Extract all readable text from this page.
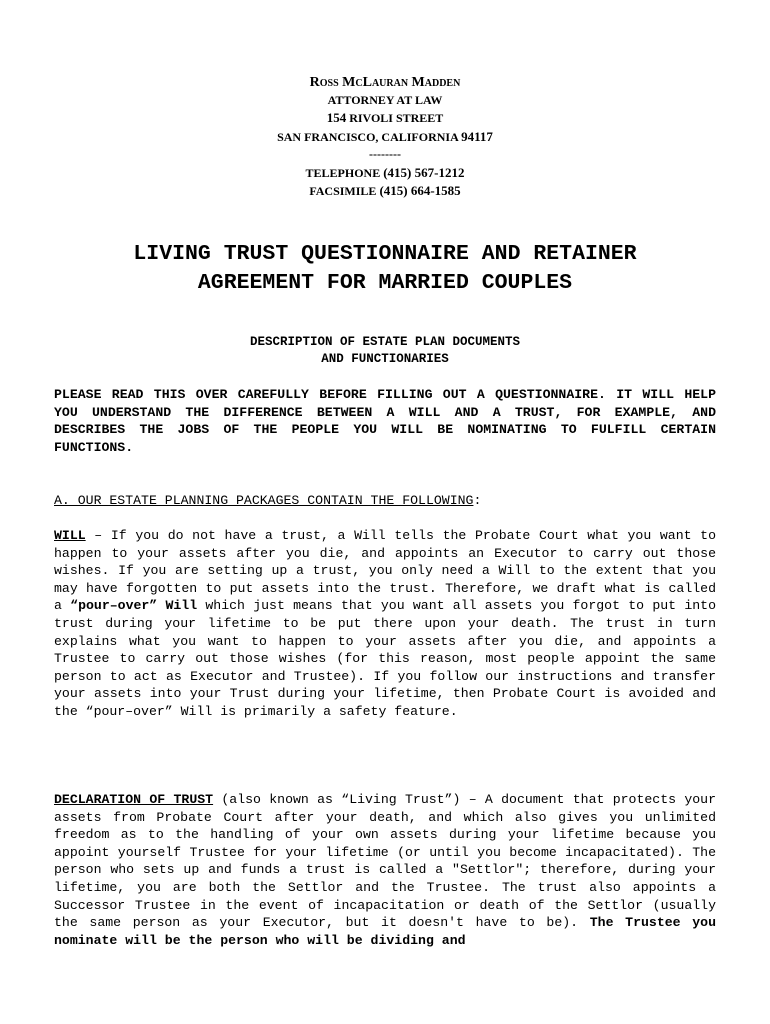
Ross McLauran Madden
ATTORNEY AT LAW
154 RIVOLI STREET
SAN FRANCISCO, CALIFORNIA 94117
--------
TELEPHONE (415) 567-1212
FACSIMILE (415) 664-1585
LIVING TRUST QUESTIONNAIRE AND RETAINER
AGREEMENT FOR MARRIED COUPLES
DESCRIPTION OF ESTATE PLAN DOCUMENTS
AND FUNCTIONARIES

PLEASE READ THIS OVER CAREFULLY BEFORE FILLING OUT A QUESTIONNAIRE. IT WILL HELP YOU UNDERSTAND THE DIFFERENCE BETWEEN A WILL AND A TRUST, FOR EXAMPLE, AND DESCRIBES THE JOBS OF THE PEOPLE YOU WILL BE NOMINATING TO FULFILL CERTAIN FUNCTIONS.

A. OUR ESTATE PLANNING PACKAGES CONTAIN THE FOLLOWING:

WILL – If you do not have a trust, a Will tells the Probate Court what you want to happen to your assets after you die, and appoints an Executor to carry out those wishes. If you are setting up a trust, you only need a Will to the extent that you may have forgotten to put assets into the trust. Therefore, we draft what is called a “pour–over” Will which just means that you want all assets you forgot to put into trust during your lifetime to be put there upon your death. The trust in turn explains what you want to happen to your assets after you die, and appoints a Trustee to carry out those wishes (for this reason, most people appoint the same person to act as Executor and Trustee). If you follow our instructions and transfer your assets into your Trust during your lifetime, then Probate Court is avoided and the “pour–over” Will is primarily a safety feature.

DECLARATION OF TRUST (also known as “Living Trust”) – A document that protects your assets from Probate Court after your death, and which also gives you unlimited freedom as to the handling of your own assets during your lifetime because you appoint yourself Trustee for your lifetime (or until you become incapacitated). The person who sets up and funds a trust is called a "Settlor"; therefore, during your lifetime, you are both the Settlor and the Trustee. The trust also appoints a Successor Trustee in the event of incapacitation or death of the Settlor (usually the same person as your Executor, but it doesn't have to be). The Trustee you nominate will be the person who will be dividing and
